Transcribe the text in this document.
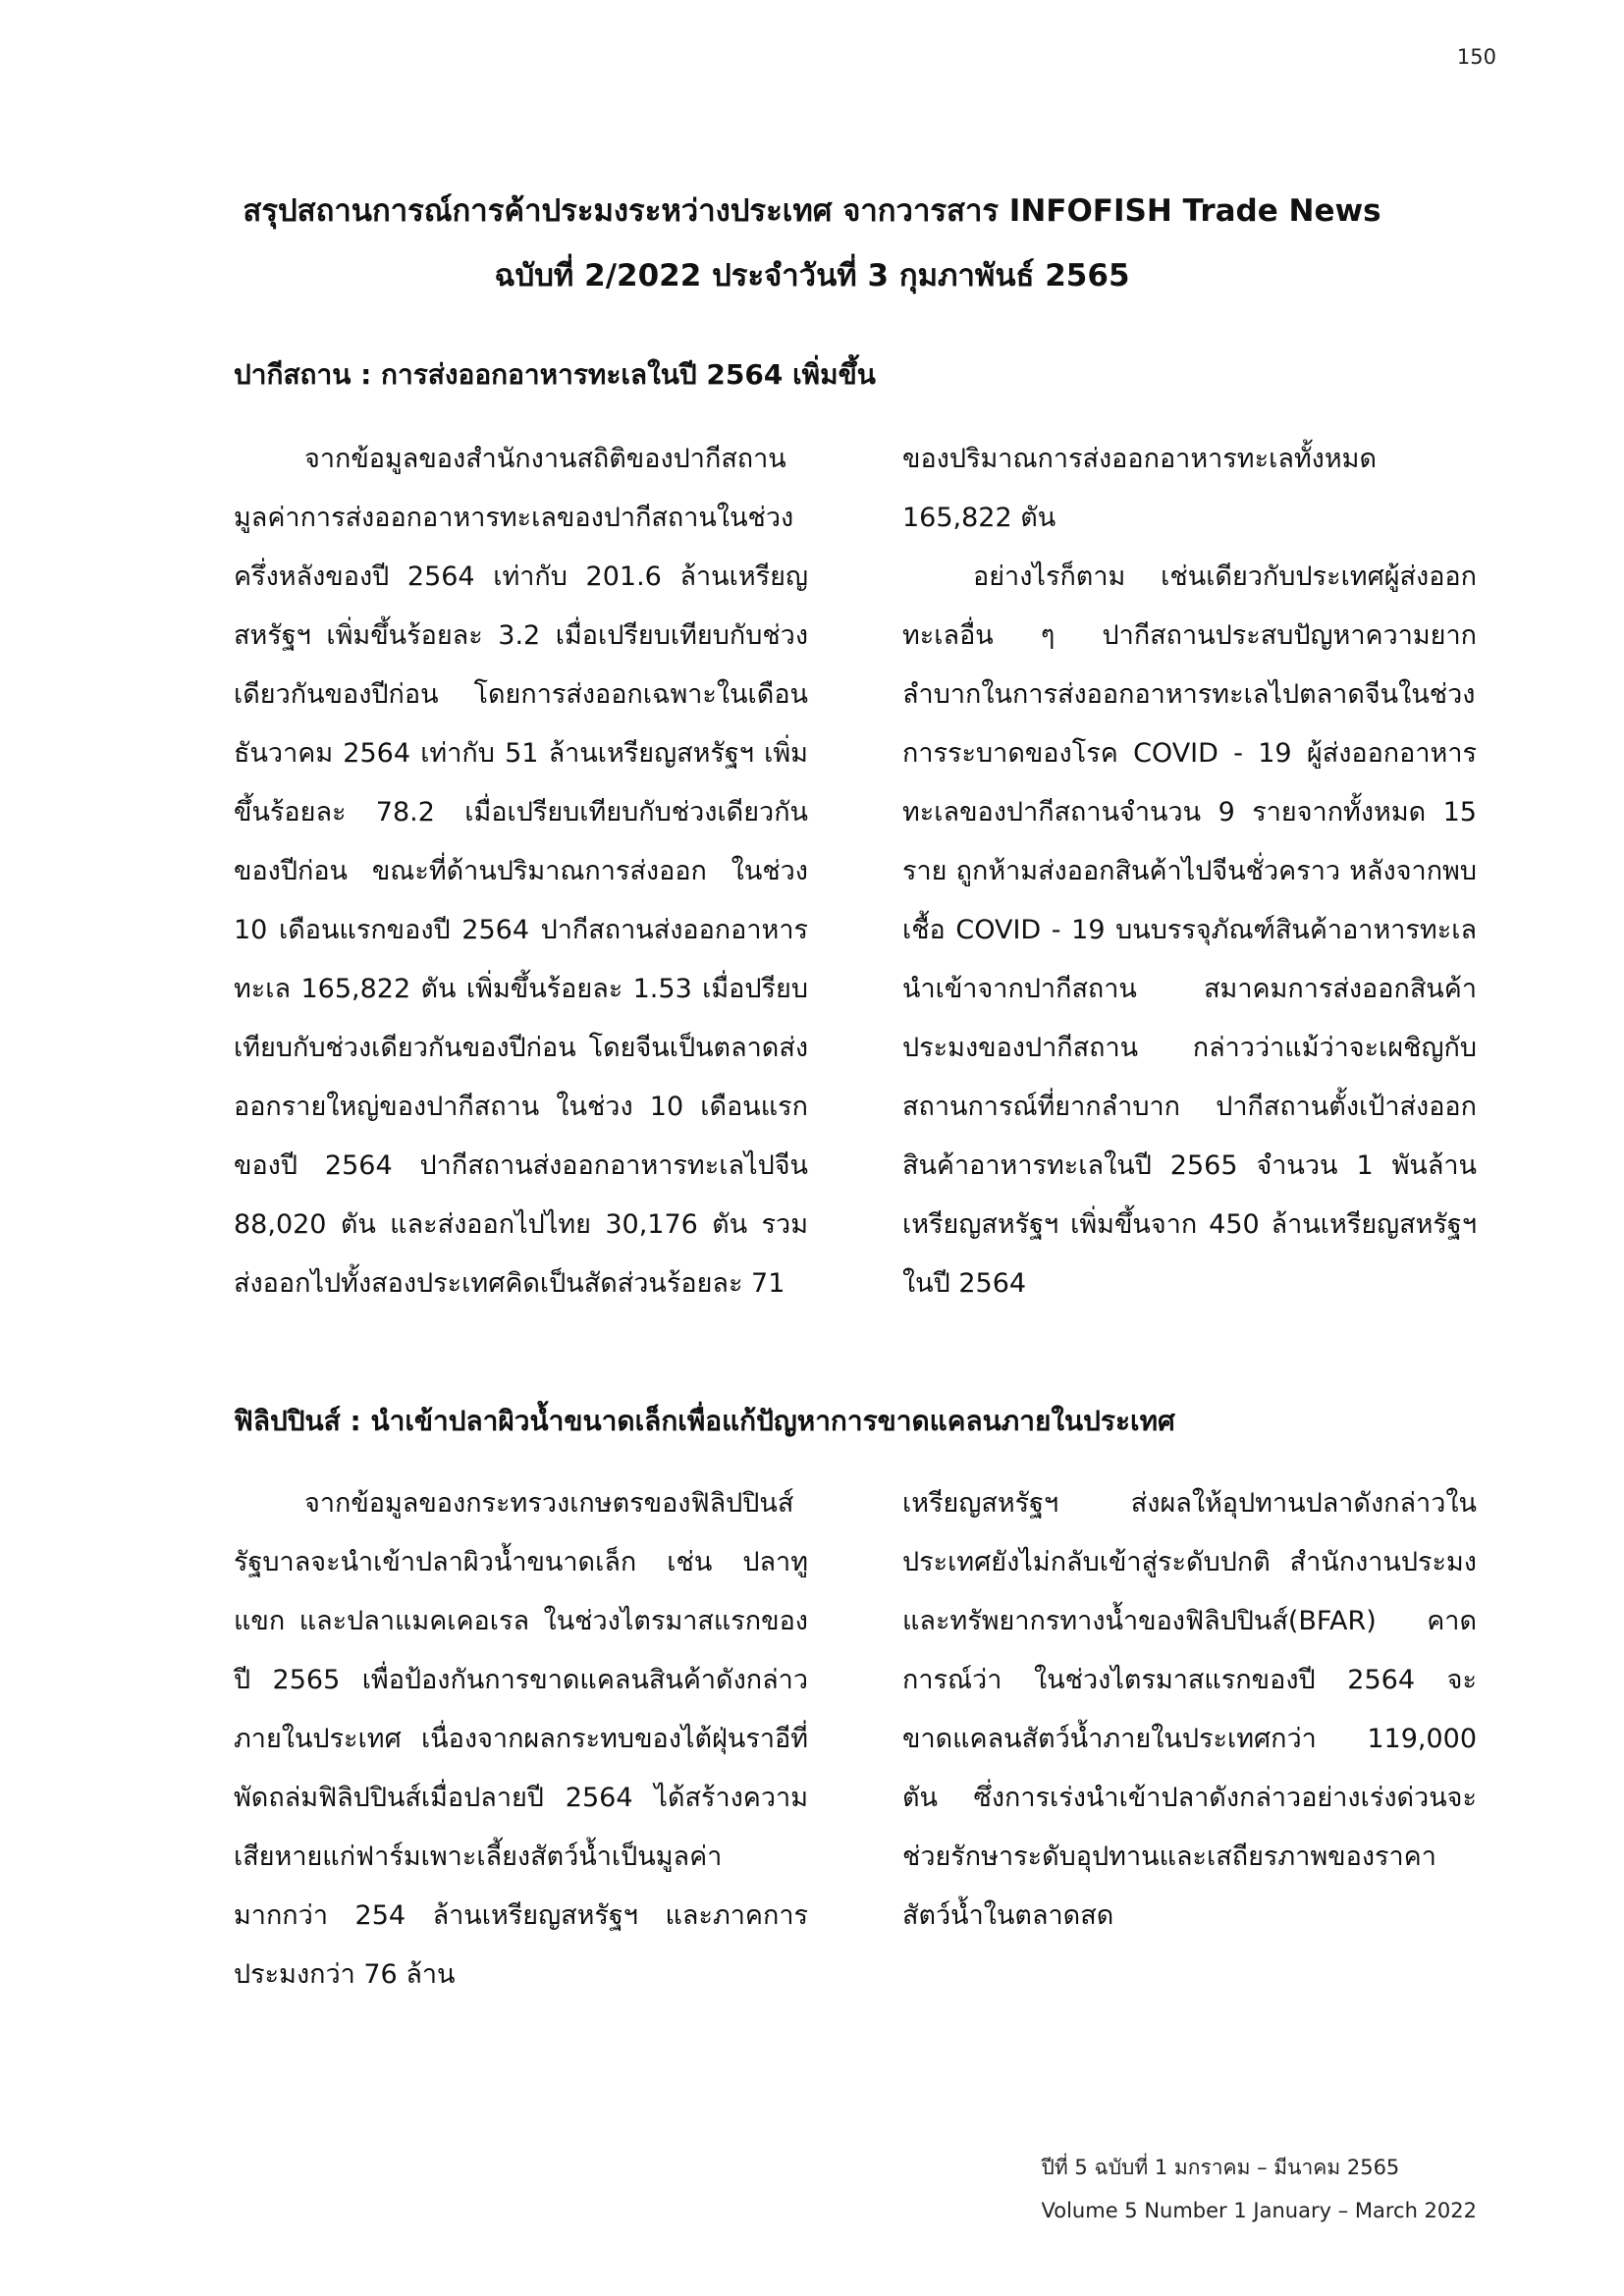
150
สรุปสถานการณ์การค้าประมงระหว่างประเทศ จากวารสาร INFOFISH Trade News
ฉบับที่ 2/2022 ประจำวันที่ 3 กุมภาพันธ์ 2565
ปากีสถาน : การส่งออกอาหารทะเลในปี 2564 เพิ่มขึ้น

จากข้อมูลของสำนักงานสถิติของปากีสถาน มูลค่าการส่งออกอาหารทะเลของปากีสถานในช่วงครึ่งหลังของปี 2564 เท่ากับ 201.6 ล้านเหรียญสหรัฐฯ เพิ่มขึ้นร้อยละ 3.2 เมื่อเปรียบเทียบกับช่วงเดียวกันของปีก่อน โดยการส่งออกเฉพาะในเดือนธันวาคม 2564 เท่ากับ 51 ล้านเหรียญสหรัฐฯ เพิ่มขึ้นร้อยละ 78.2 เมื่อเปรียบเทียบกับช่วงเดียวกันของปีก่อน ขณะที่ด้านปริมาณการส่งออก ในช่วง 10 เดือนแรกของปี 2564 ปากีสถานส่งออกอาหารทะเล 165,822 ตัน เพิ่มขึ้นร้อยละ 1.53 เมื่อปรียบเทียบกับช่วงเดียวกันของปีก่อน โดยจีนเป็นตลาดส่งออกรายใหญ่ของปากีสถาน ในช่วง 10 เดือนแรกของปี 2564 ปากีสถานส่งออกอาหารทะเลไปจีน 88,020 ตัน และส่งออกไปไทย 30,176 ตัน รวมส่งออกไปทั้งสองประเทศคิดเป็นสัดส่วนร้อยละ 71

ของปริมาณการส่งออกอาหารทะเลทั้งหมด 165,822 ตัน

อย่างไรก็ตาม เช่นเดียวกับประเทศผู้ส่งออกทะเลอื่น ๆ ปากีสถานประสบปัญหาความยากลำบากในการส่งออกอาหารทะเลไปตลาดจีนในช่วงการระบาดของโรค COVID - 19 ผู้ส่งออกอาหารทะเลของปากีสถานจำนวน 9 รายจากทั้งหมด 15 ราย ถูกห้ามส่งออกสินค้าไปจีนชั่วคราว หลังจากพบเชื้อ COVID - 19 บนบรรจุภัณฑ์สินค้าอาหารทะเลนำเข้าจากปากีสถาน สมาคมการส่งออกสินค้าประมงของปากีสถาน กล่าวว่าแม้ว่าจะเผชิญกับสถานการณ์ที่ยากลำบาก ปากีสถานตั้งเป้าส่งออกสินค้าอาหารทะเลในปี 2565 จำนวน 1 พันล้านเหรียญสหรัฐฯ เพิ่มขึ้นจาก 450 ล้านเหรียญสหรัฐฯ ในปี 2564

ฟิลิปปินส์ : นำเข้าปลาผิวน้ำขนาดเล็กเพื่อแก้ปัญหาการขาดแคลนภายในประเทศ

จากข้อมูลของกระทรวงเกษตรของฟิลิปปินส์ รัฐบาลจะนำเข้าปลาผิวน้ำขนาดเล็ก เช่น ปลาทูแขก และปลาแมคเคอเรล ในช่วงไตรมาสแรกของปี 2565 เพื่อป้องกันการขาดแคลนสินค้าดังกล่าวภายในประเทศ เนื่องจากผลกระทบของไต้ฝุ่นราอีที่พัดถล่มฟิลิปปินส์เมื่อปลายปี 2564 ได้สร้างความเสียหายแก่ฟาร์มเพาะเลี้ยงสัตว์น้ำเป็นมูลค่ามากกว่า 254 ล้านเหรียญสหรัฐฯ และภาคการประมงกว่า 76 ล้าน

เหรียญสหรัฐฯ ส่งผลให้อุปทานปลาดังกล่าวในประเทศยังไม่กลับเข้าสู่ระดับปกติ สำนักงานประมงและทรัพยากรทางน้ำของฟิลิปปินส์(BFAR) คาดการณ์ว่า ในช่วงไตรมาสแรกของปี 2564 จะขาดแคลนสัตว์น้ำภายในประเทศกว่า 119,000 ตัน ซึ่งการเร่งนำเข้าปลาดังกล่าวอย่างเร่งด่วนจะช่วยรักษาระดับอุปทานและเสถียรภาพของราคาสัตว์น้ำในตลาดสด

ปีที่ 5 ฉบับที่ 1 มกราคม – มีนาคม 2565
Volume 5 Number 1 January – March 2022
